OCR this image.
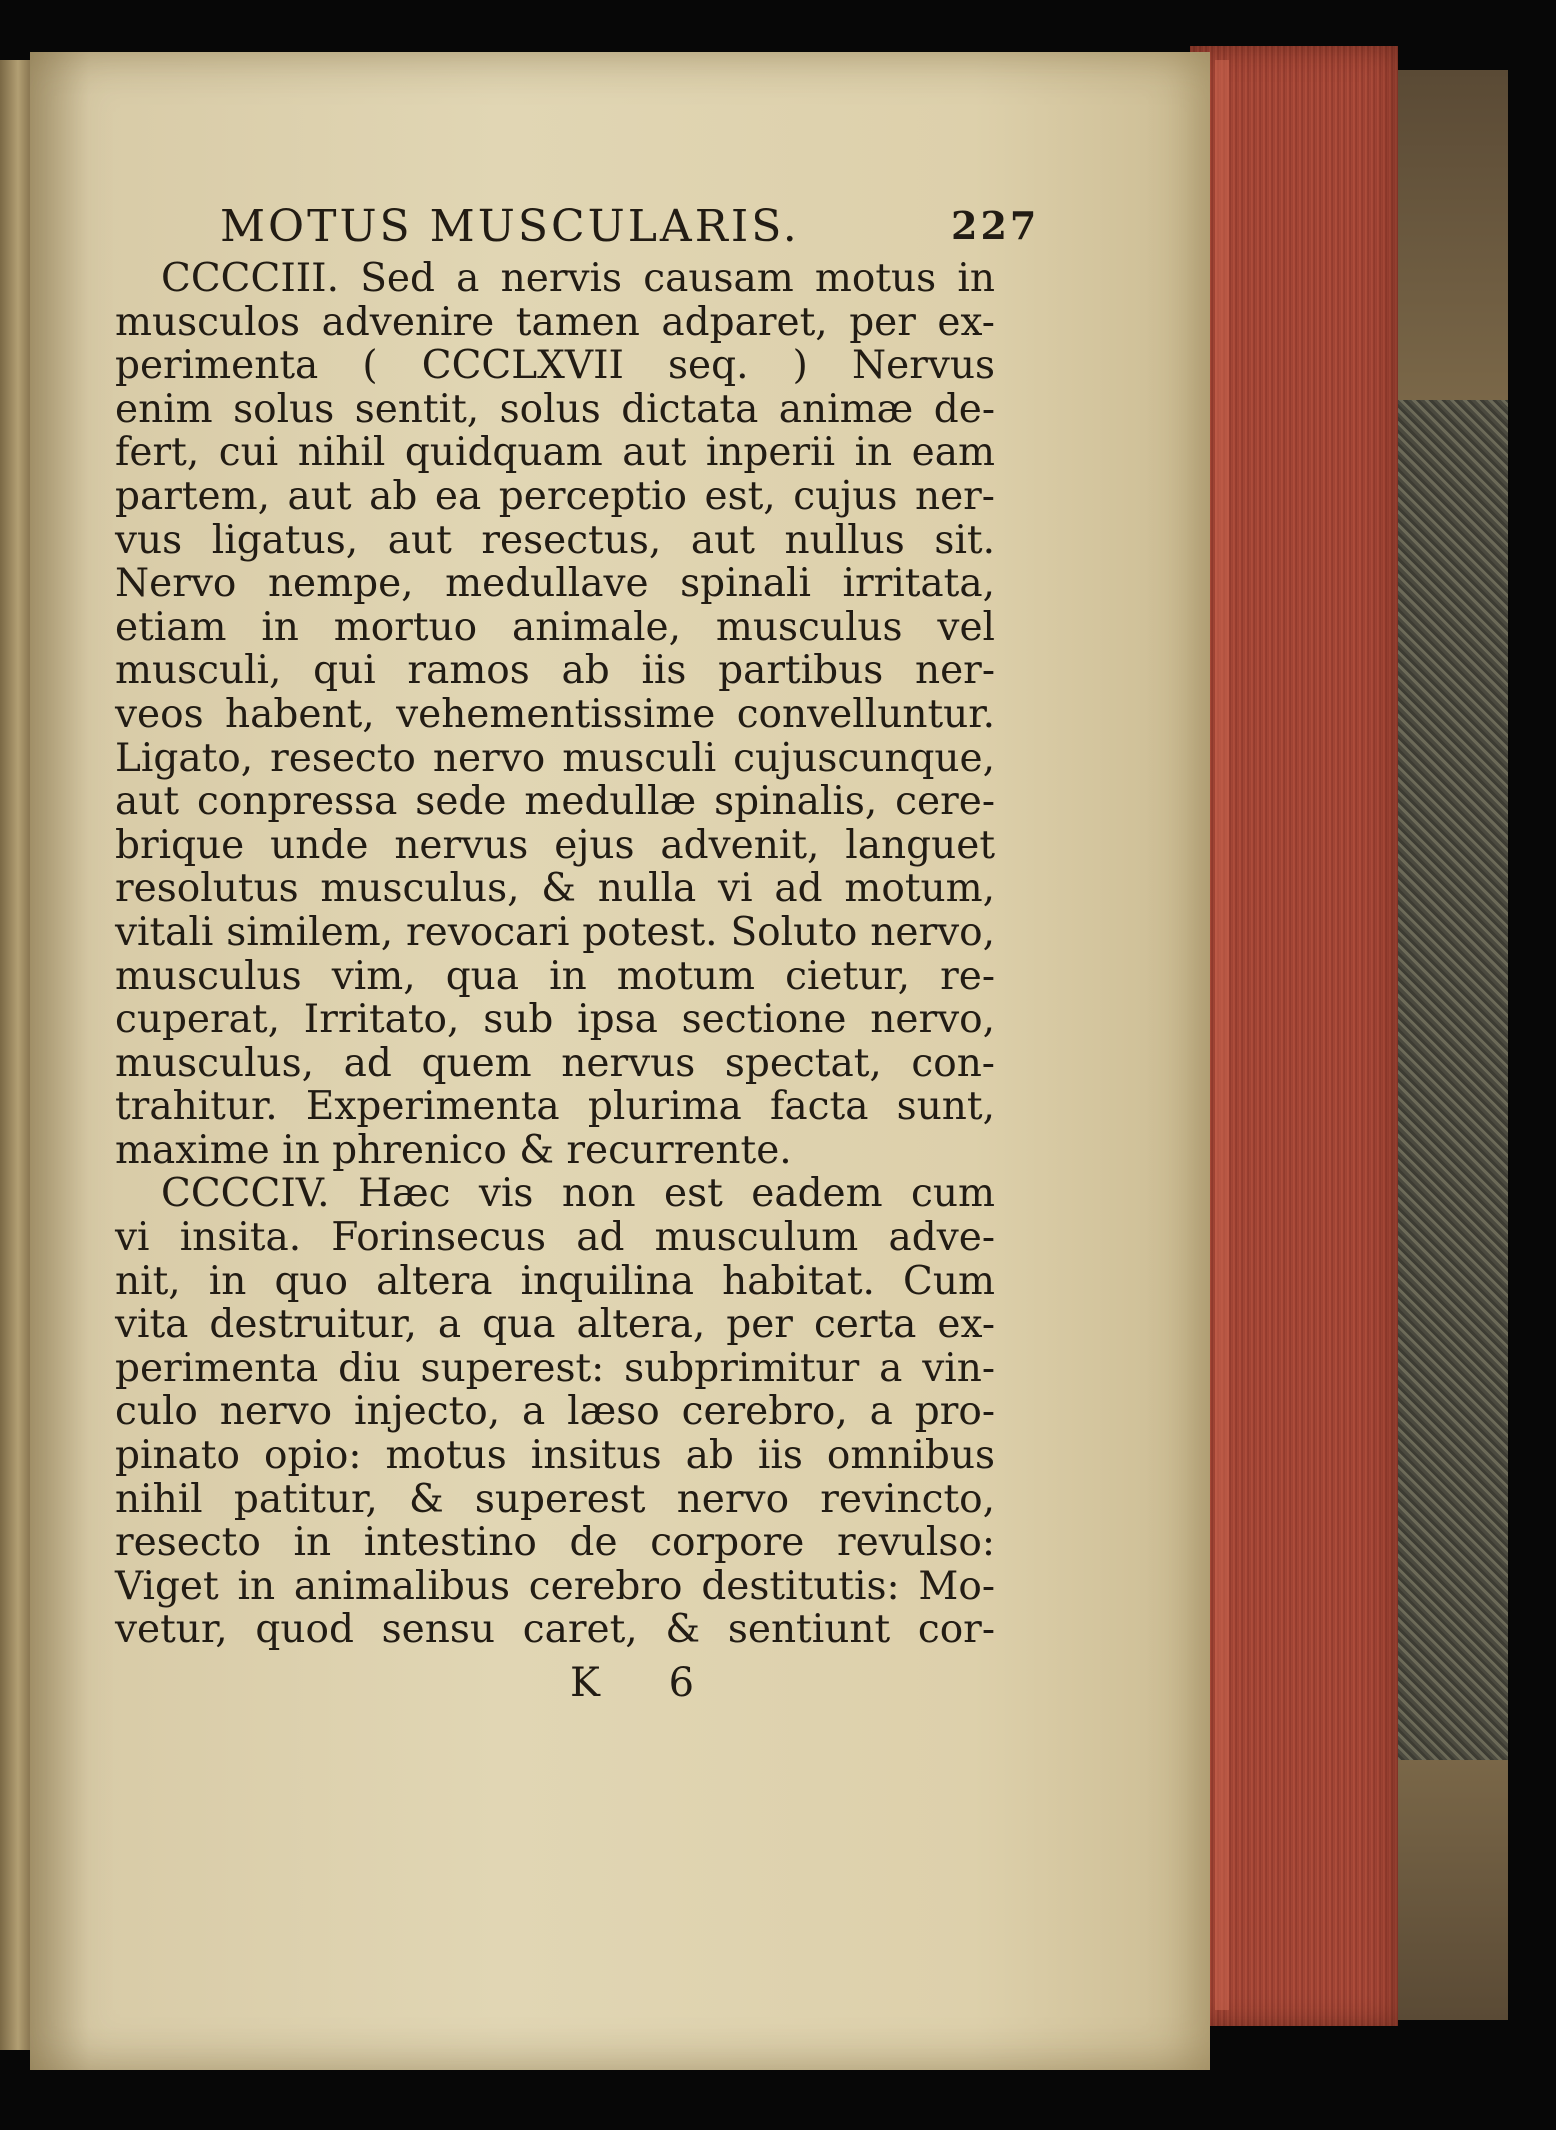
MOTUS MUSCULARIS.	227
CCCCIII. Sed a nervis causam motus in
musculos advenire tamen adparet, per ex-
perimenta ( CCCLXVII seq. ) Nervus
enim solus sentit, solus dictata animæ de-
fert, cui nihil quidquam aut inperii in eam
partem, aut ab ea perceptio est, cujus ner-
vus ligatus, aut resectus, aut nullus sit.
Nervo nempe, medullave spinali irritata,
etiam in mortuo animale, musculus vel
musculi, qui ramos ab iis partibus ner-
veos habent, vehementissime convelluntur.
Ligato, resecto nervo musculi cujuscunque,
aut conpressa sede medullæ spinalis, cere-
brique unde nervus ejus advenit, languet
resolutus musculus, & nulla vi ad motum,
vitali similem, revocari potest. Soluto nervo,
musculus vim, qua in motum cietur, re-
cuperat, Irritato, sub ipsa sectione nervo,
musculus, ad quem nervus spectat, con-
trahitur. Experimenta plurima facta sunt,
maxime in phrenico & recurrente.
CCCCIV. Hæc vis non est eadem cum
vi insita. Forinsecus ad musculum adve-
nit, in quo altera inquilina habitat. Cum
vita destruitur, a qua altera, per certa ex-
perimenta diu superest: subprimitur a vin-
culo nervo injecto, a læso cerebro, a pro-
pinato opio: motus insitus ab iis omnibus
nihil patitur, & superest nervo revincto,
resecto in intestino de corpore revulso:
Viget in animalibus cerebro destitutis: Mo-
vetur, quod sensu caret, & sentiunt cor-
K 6
